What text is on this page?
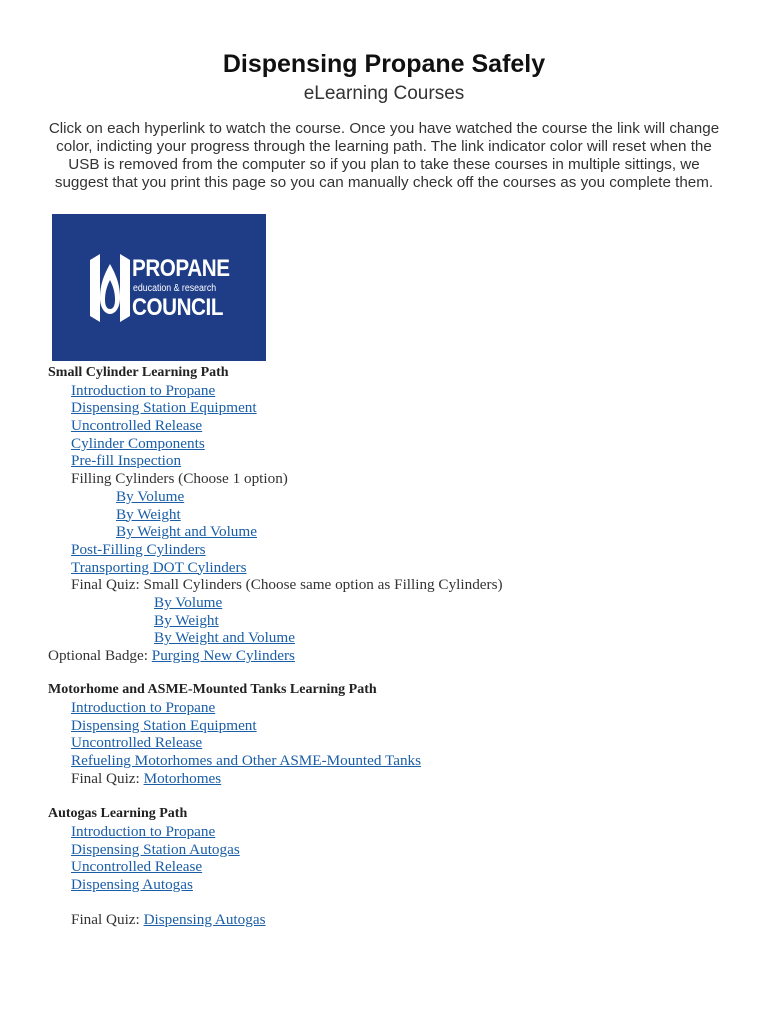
Dispensing Propane Safely
eLearning Courses
Click on each hyperlink to watch the course. Once you have watched the course the link will change color, indicting your progress through the learning path. The link indicator color will reset when the USB is removed from the computer so if you plan to take these courses in multiple sittings, we suggest that you print this page so you can manually check off the courses as you complete them.
PROPANE
education & research
COUNCIL
Small Cylinder Learning Path
Introduction to Propane
Dispensing Station Equipment
Uncontrolled Release
Cylinder Components
Pre-fill Inspection
Filling Cylinders (Choose 1 option)
By Volume
By Weight
By Weight and Volume
Post-Filling Cylinders
Transporting DOT Cylinders
Final Quiz: Small Cylinders (Choose same option as Filling Cylinders)
By Volume
By Weight
By Weight and Volume
Optional Badge: Purging New Cylinders
Motorhome and ASME-Mounted Tanks Learning Path
Introduction to Propane
Dispensing Station Equipment
Uncontrolled Release
Refueling Motorhomes and Other ASME-Mounted Tanks
Final Quiz: Motorhomes
Autogas Learning Path
Introduction to Propane
Dispensing Station Autogas
Uncontrolled Release
Dispensing Autogas
Final Quiz: Dispensing Autogas
